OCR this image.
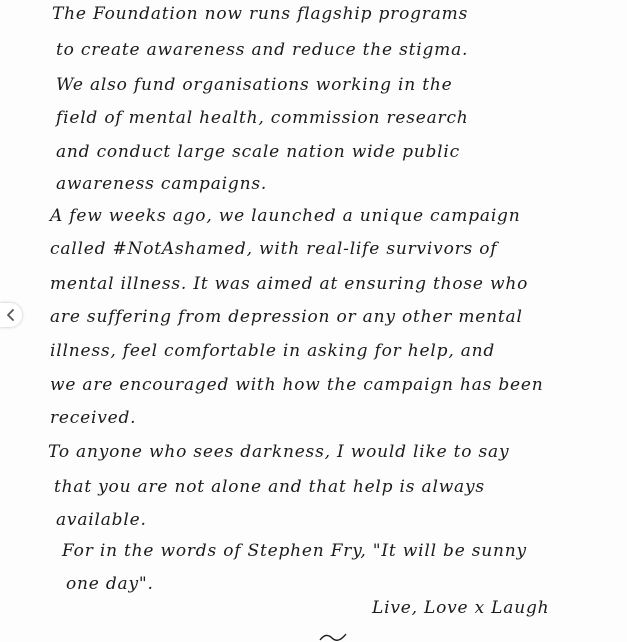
The Foundation now runs flagship programs
to create awareness and reduce the stigma.
We also fund organisations working in the
field of mental health, commission research
and conduct large scale nation wide public
awareness campaigns.
A few weeks ago, we launched a unique campaign
called #NotAshamed, with real-life survivors of
mental illness. It was aimed at ensuring those who
are suffering from depression or any other mental
illness, feel comfortable in asking for help, and
we are encouraged with how the campaign has been
received.
To anyone who sees darkness, I would like to say
that you are not alone and that help is always
available.
For in the words of Stephen Fry, "It will be sunny
one day".
Live, Love x Laugh
